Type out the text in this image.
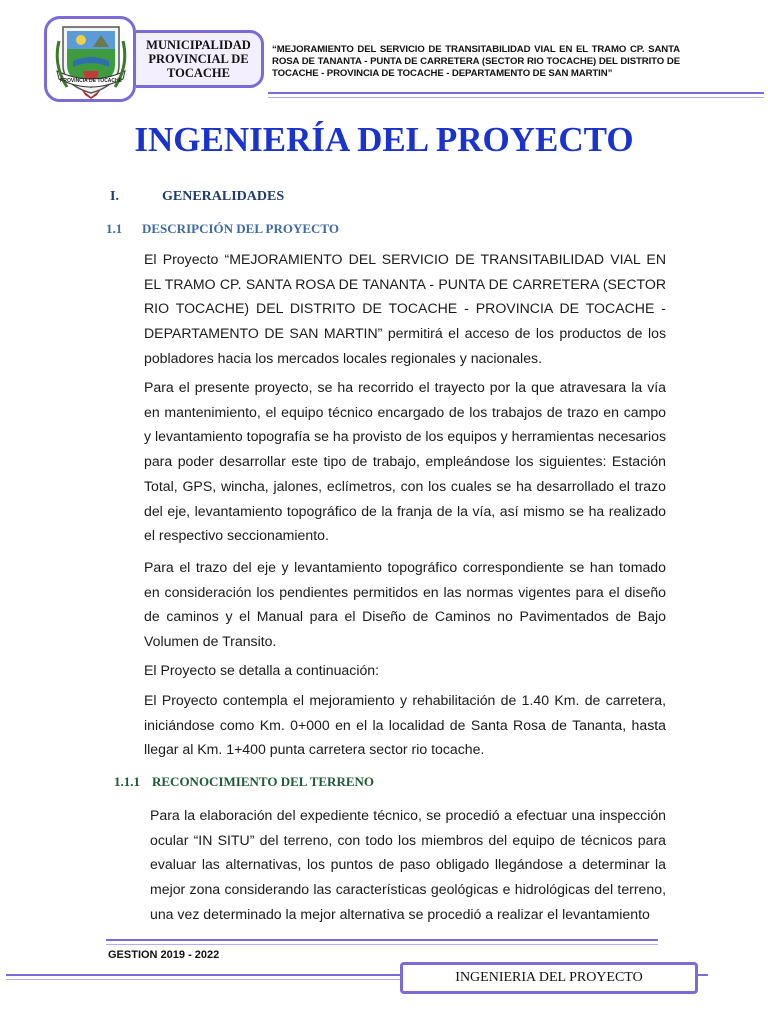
PROVINCIA DE TOCACHE
MUNICIPALIDAD PROVINCIAL DE TOCACHE
“MEJORAMIENTO DEL SERVICIO DE TRANSITABILIDAD VIAL EN EL TRAMO CP. SANTA ROSA DE TANANTA - PUNTA DE CARRETERA (SECTOR RIO TOCACHE) DEL DISTRITO DE TOCACHE - PROVINCIA DE TOCACHE - DEPARTAMENTO DE SAN MARTIN”
INGENIERÍA DEL PROYECTO
I.	GENERALIDADES
1.1 DESCRIPCIÓN DEL PROYECTO

El Proyecto “MEJORAMIENTO DEL SERVICIO DE TRANSITABILIDAD VIAL EN EL TRAMO CP. SANTA ROSA DE TANANTA - PUNTA DE CARRETERA (SECTOR RIO TOCACHE) DEL DISTRITO DE TOCACHE - PROVINCIA DE TOCACHE - DEPARTAMENTO DE SAN MARTIN” permitirá el acceso de los productos de los pobladores hacia los mercados locales regionales y nacionales.

Para el presente proyecto, se ha recorrido el trayecto por la que atravesara la vía en mantenimiento, el equipo técnico encargado de los trabajos de trazo en campo y levantamiento topografía se ha provisto de los equipos y herramientas necesarios para poder desarrollar este tipo de trabajo, empleándose los siguientes: Estación Total, GPS, wincha, jalones, eclímetros, con los cuales se ha desarrollado el trazo del eje, levantamiento topográfico de la franja de la vía, así mismo se ha realizado el respectivo seccionamiento.

Para el trazo del eje y levantamiento topográfico correspondiente se han tomado en consideración los pendientes permitidos en las normas vigentes para el diseño de caminos y el Manual para el Diseño de Caminos no Pavimentados de Bajo Volumen de Transito.

El Proyecto se detalla a continuación:

El Proyecto contempla el mejoramiento y rehabilitación de 1.40 Km. de carretera, iniciándose como Km. 0+000 en el la localidad de Santa Rosa de Tananta, hasta llegar al Km. 1+400 punta carretera sector rio tocache.

1.1.1 RECONOCIMIENTO DEL TERRENO

Para la elaboración del expediente técnico, se procedió a efectuar una inspección ocular “IN SITU” del terreno, con todo los miembros del equipo de técnicos para evaluar las alternativas, los puntos de paso obligado llegándose a determinar la mejor zona considerando las características geológicas e hidrológicas del terreno, una vez determinado la mejor alternativa se procedió a realizar el levantamiento

GESTION 2019 - 2022
INGENIERIA DEL PROYECTO
